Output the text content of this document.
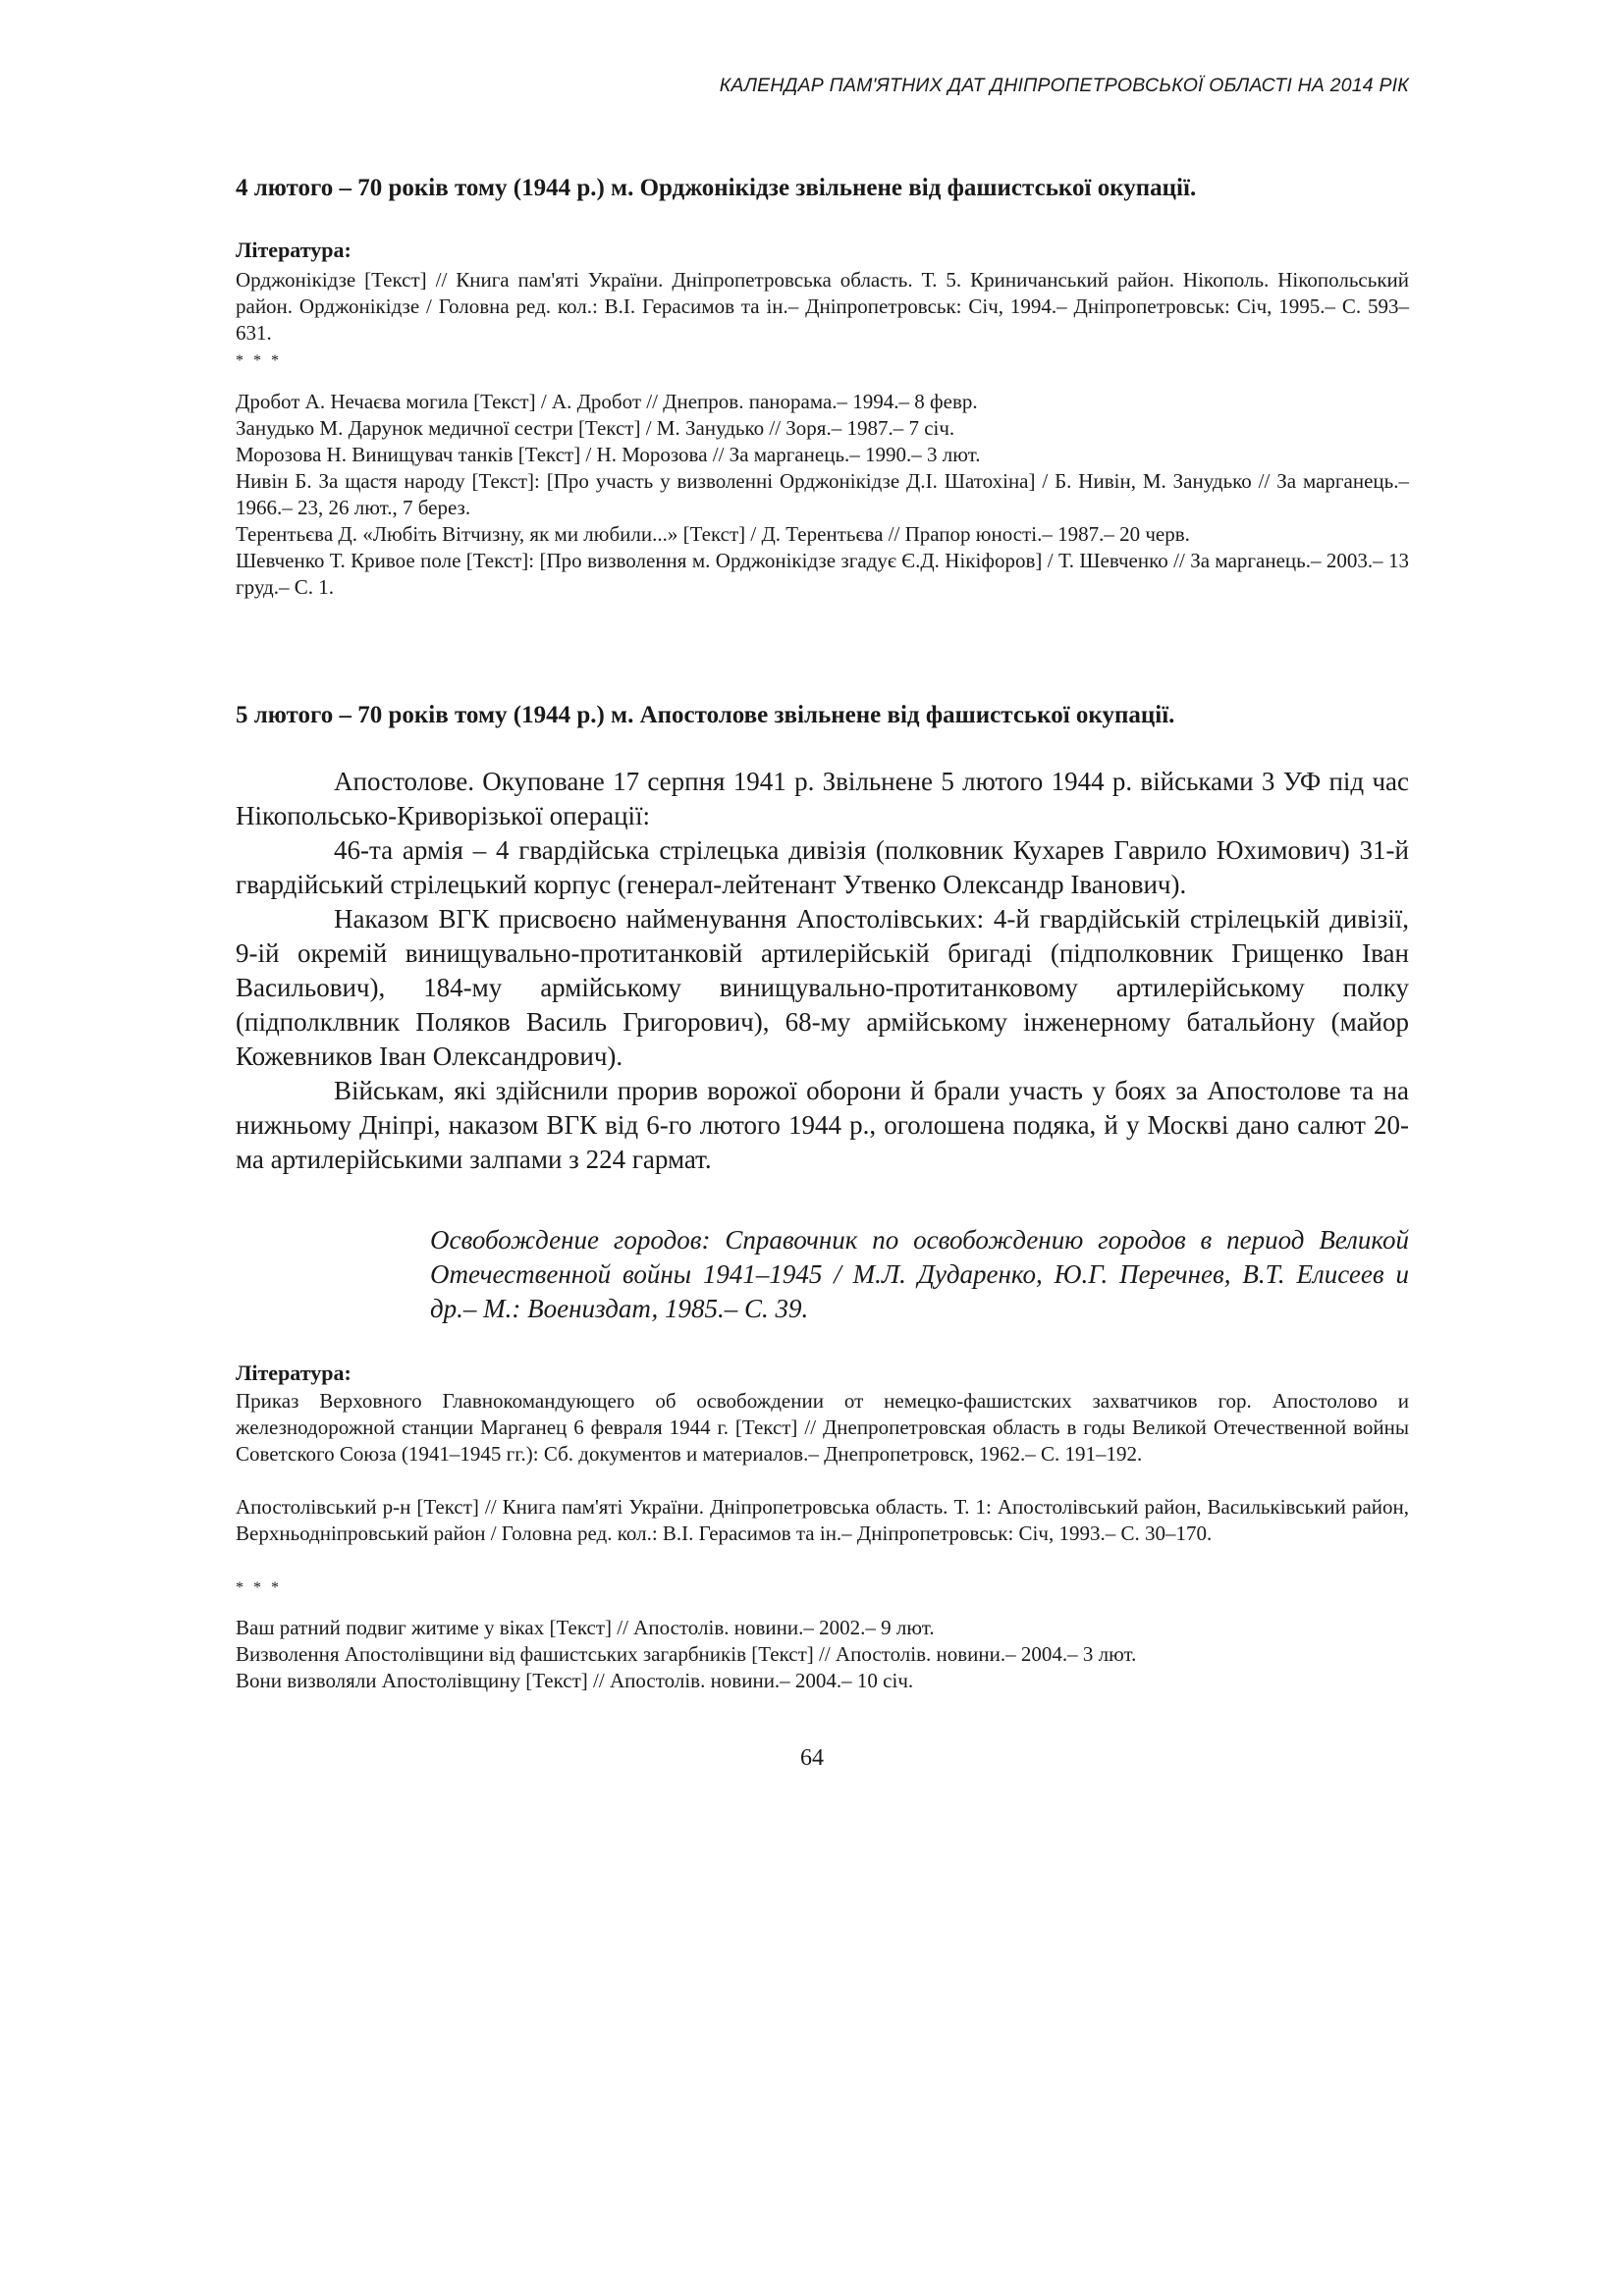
КАЛЕНДАР ПАМ'ЯТНИХ ДАТ ДНІПРОПЕТРОВСЬКОЇ ОБЛАСТІ НА 2014 РІК
4 лютого – 70 років тому (1944 р.) м. Орджонікідзе звільнене від фашистської окупації.
Література:
Орджонікідзе [Текст] // Книга пам'яті України. Дніпропетровська область. Т. 5. Криничанський район. Нікополь. Нікопольський район. Орджонікідзе / Головна ред. кол.: В.І. Герасимов та ін.– Дніпропетровськ: Січ, 1994.– Дніпропетровськ: Січ, 1995.– С. 593–631.
* * *
Дробот А. Нечаєва могила [Текст] / А. Дробот // Днепров. панорама.– 1994.– 8 февр.
Занудько М. Дарунок медичної сестри [Текст] / М. Занудько // Зоря.– 1987.– 7 січ.
Морозова Н. Винищувач танків [Текст] / Н. Морозова // За марганець.– 1990.– 3 лют.
Нивін Б. За щастя народу [Текст]: [Про участь у визволенні Орджонікідзе Д.І. Шатохіна] / Б. Нивін, М. Занудько // За марганець.– 1966.– 23, 26 лют., 7 берез.
Терентьєва Д. «Любіть Вітчизну, як ми любили...» [Текст] / Д. Терентьєва // Прапор юності.– 1987.– 20 черв.
Шевченко Т. Кривое поле [Текст]: [Про визволення м. Орджонікідзе згадує Є.Д. Нікіфоров] / Т. Шевченко // За марганець.– 2003.– 13 груд.– С. 1.
5 лютого – 70 років тому (1944 р.) м. Апостолове звільнене від фашистської окупації.

Апостолове. Окуповане 17 серпня 1941 р. Звільнене 5 лютого 1944 р. військами 3 УФ під час Нікопольсько-Криворізької операції:

46-та армія – 4 гвардійська стрілецька дивізія (полковник Кухарев Гаврило Юхимович) 31-й гвардійський стрілецький корпус (генерал-лейтенант Утвенко Олександр Іванович).

Наказом ВГК присвоєно найменування Апостолівських: 4-й гвардійській стрілецькій дивізії, 9-ій окремій винищувально-протитанковій артилерійській бригаді (підполковник Грищенко Іван Васильович), 184-му армійському винищувально-протитанковому артилерійському полку (підполклвник Поляков Василь Григорович), 68-му армійському інженерному батальйону (майор Кожевников Іван Олександрович).

Військам, які здійснили прорив ворожої оборони й брали участь у боях за Апостолове та на нижньому Дніпрі, наказом ВГК від 6-го лютого 1944 р., оголошена подяка, й у Москві дано салют 20-ма артилерійськими залпами з 224 гармат.

Освобождение городов: Справочник по освобождению городов в период Великой Отечественной войны 1941–1945 / М.Л. Дударенко, Ю.Г. Перечнев, В.Т. Елисеев и др.– М.: Воениздат, 1985.– С. 39.
Література:
Приказ Верховного Главнокомандующего об освобождении от немецко-фашистских захватчиков гор. Апостолово и железнодорожной станции Марганец 6 февраля 1944 г. [Текст] // Днепропетровская область в годы Великой Отечественной войны Советского Союза (1941–1945 гг.): Сб. документов и материалов.– Днепропетровск, 1962.– С. 191–192.
Апостолівський р-н [Текст] // Книга пам'яті України. Дніпропетровська область. Т. 1: Апостолівський район, Васильківський район, Верхньодніпровський район / Головна ред. кол.: В.І. Герасимов та ін.– Дніпропетровськ: Січ, 1993.– С. 30–170.
* * *
Ваш ратний подвиг житиме у віках [Текст] // Апостолів. новини.– 2002.– 9 лют.
Визволення Апостолівщини від фашистських загарбників [Текст] // Апостолів. новини.– 2004.– 3 лют.
Вони визволяли Апостолівщину [Текст] // Апостолів. новини.– 2004.– 10 січ.
64
